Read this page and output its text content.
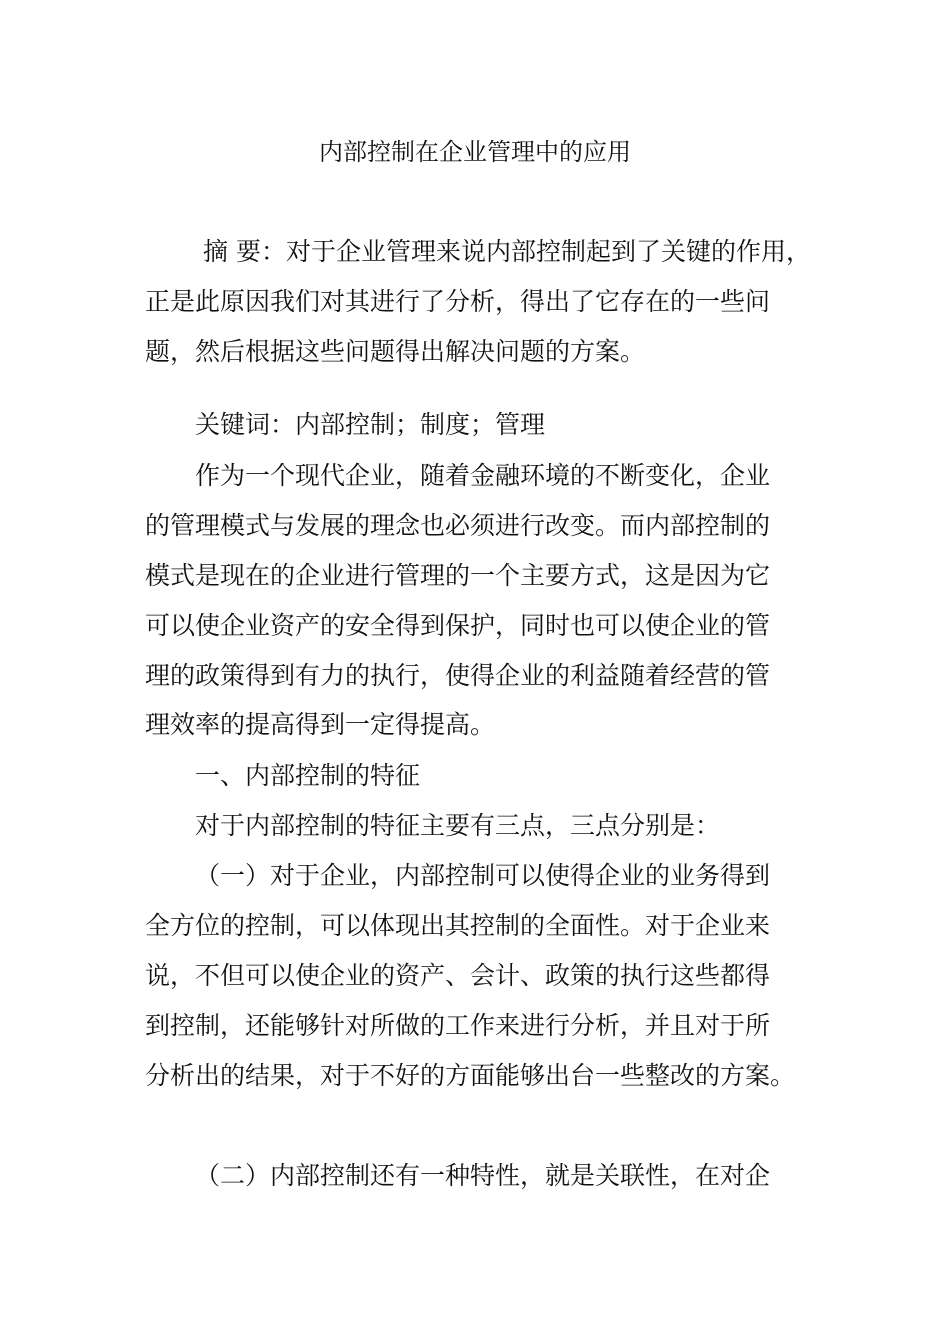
内部控制在企业管理中的应用

摘 要：对于企业管理来说内部控制起到了关键的作用，

正是此原因我们对其进行了分析，得出了它存在的一些问

题，然后根据这些问题得出解决问题的方案。

关键词：内部控制；制度；管理

作为一个现代企业，随着金融环境的不断变化，企业

的管理模式与发展的理念也必须进行改变。而内部控制的

模式是现在的企业进行管理的一个主要方式，这是因为它

可以使企业资产的安全得到保护，同时也可以使企业的管

理的政策得到有力的执行，使得企业的利益随着经营的管

理效率的提高得到一定得提高。

一、内部控制的特征

对于内部控制的特征主要有三点，三点分别是：

（一）对于企业，内部控制可以使得企业的业务得到

全方位的控制，可以体现出其控制的全面性。对于企业来

说，不但可以使企业的资产、会计、政策的执行这些都得

到控制，还能够针对所做的工作来进行分析，并且对于所

分析出的结果，对于不好的方面能够出台一些整改的方案。

（二）内部控制还有一种特性，就是关联性，在对企
